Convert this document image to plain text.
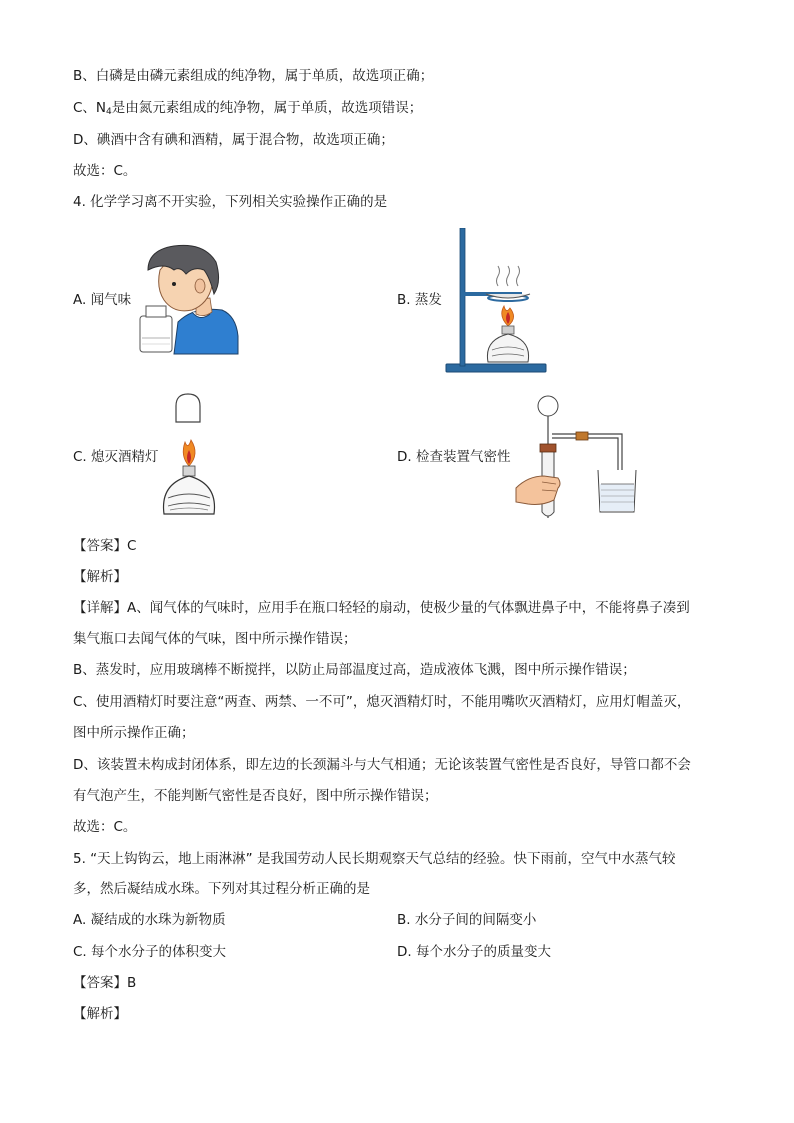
B、白磷是由磷元素组成的纯净物，属于单质，故选项正确；
C、$N_4$是由氮元素组成的纯净物，属于单质，故选项错误；
D、碘酒中含有碘和酒精，属于混合物，故选项正确；
故选：C。
4. 化学学习离不开实验，下列相关实验操作正确的是
A. 闻气味	B. 蒸发
C. 熄灭酒精灯	D. 检查装置气密性
【答案】C
【解析】
【详解】A、闻气体的气味时，应用手在瓶口轻轻的扇动，使极少量的气体飘进鼻子中，不能将鼻子凑到
集气瓶口去闻气体的气味，图中所示操作错误；
B、蒸发时，应用玻璃棒不断搅拌，以防止局部温度过高，造成液体飞溅，图中所示操作错误；
C、使用酒精灯时要注意“两查、两禁、一不可”，熄灭酒精灯时，不能用嘴吹灭酒精灯，应用灯帽盖灭，
图中所示操作正确；
D、该装置未构成封闭体系，即左边的长颈漏斗与大气相通；无论该装置气密性是否良好，导管口都不会
有气泡产生，不能判断气密性是否良好，图中所示操作错误；
故选：C。
5. “天上钩钩云，地上雨淋淋” 是我国劳动人民长期观察天气总结的经验。快下雨前，空气中水蒸气较
多，然后凝结成水珠。下列对其过程分析正确的是
A. 凝结成的水珠为新物质	B. 水分子间的间隔变小
C. 每个水分子的体积变大	D. 每个水分子的质量变大
【答案】B
【解析】
